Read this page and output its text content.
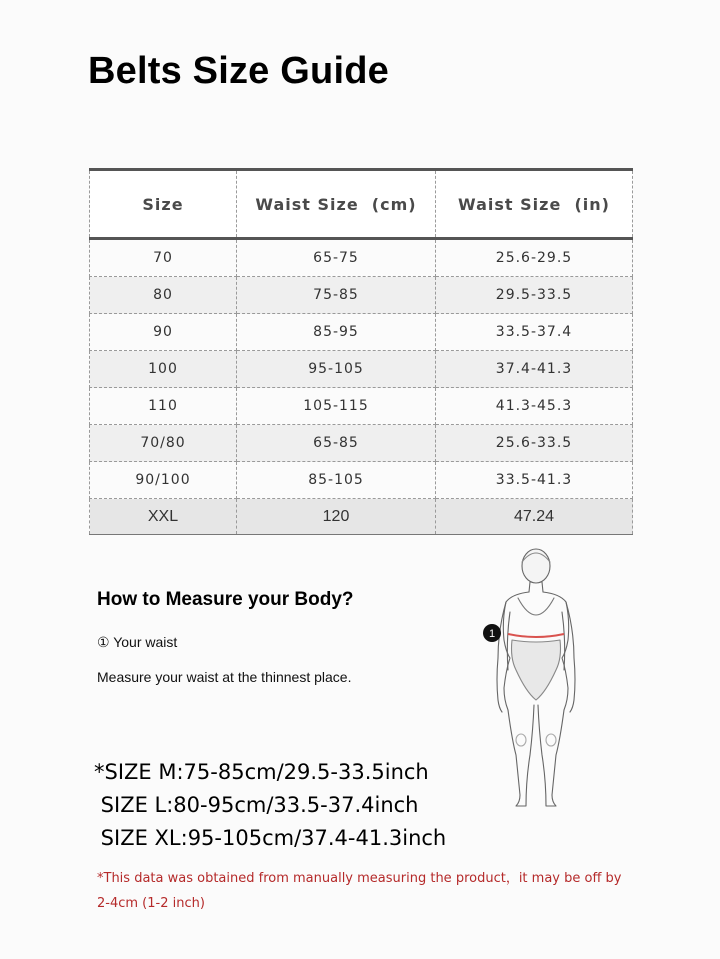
Belts Size Guide
Size	Waist Size  (cm)	Waist Size  (in)
70	65-75	25.6-29.5
80	75-85	29.5-33.5
90	85-95	33.5-37.4
100	95-105	37.4-41.3
110	105-115	41.3-45.3
70/80	65-85	25.6-33.5
90/100	85-105	33.5-41.3
XXL	120	47.24
How to Measure your Body?
① Your waist
Measure your waist at the thinnest place.
1
*SIZE M:75-85cm/29.5-33.5inch
SIZE L:80-95cm/33.5-37.4inch
SIZE XL:95-105cm/37.4-41.3inch
*This data was obtained from manually measuring the product，it may be off by
2-4cm (1-2 inch)
